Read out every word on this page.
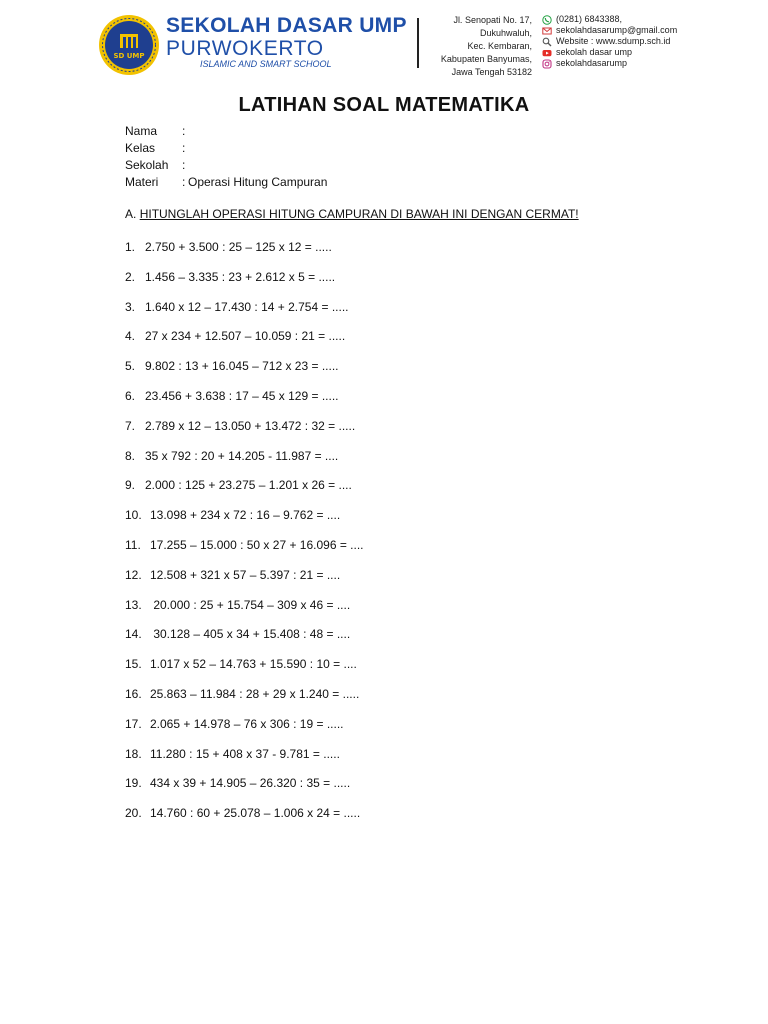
SD UMP
SEKOLAH DASAR UMP
PURWOKERTO
ISLAMIC AND SMART SCHOOL
Jl. Senopati No. 17,
Dukuhwaluh,
Kec. Kembaran,
Kabupaten Banyumas,
Jawa Tengah 53182
(0281) 6843388,
sekolahdasarump@gmail.com
Website : www.sdump.sch.id
sekolah dasar ump
sekolahdasarump
LATIHAN SOAL MATEMATIKA
Nama	:
Kelas	:
Sekolah	:
Materi	: Operasi Hitung Campuran
A. HITUNGLAH OPERASI HITUNG CAMPURAN DI BAWAH INI DENGAN CERMAT!
1. 2.750 + 3.500 : 25 – 125 x 12 = .....
2. 1.456 – 3.335 : 23 + 2.612 x 5 = .....
3. 1.640 x 12 – 17.430 : 14 + 2.754 = .....
4. 27 x 234 + 12.507 – 10.059 : 21 = .....
5. 9.802 : 13 + 16.045 – 712 x 23 = .....
6. 23.456 + 3.638 : 17 – 45 x 129 = .....
7. 2.789 x 12 – 13.050 + 13.472 : 32 = .....
8. 35 x 792 : 20 + 14.205 - 11.987 = ....
9. 2.000 : 125 + 23.275 – 1.201 x 26 = ....
10. 13.098 + 234 x 72 : 16 – 9.762 = ....
11. 17.255 – 15.000 : 50 x 27 + 16.096 = ....
12. 12.508 + 321 x 57 – 5.397 : 21 = ....
13. 20.000 : 25 + 15.754 – 309 x 46 = ....
14. 30.128 – 405 x 34 + 15.408 : 48 = ....
15. 1.017 x 52 – 14.763 + 15.590 : 10 = ....
16. 25.863 – 11.984 : 28 + 29 x 1.240 = .....
17. 2.065 + 14.978 – 76 x 306 : 19 = .....
18. 11.280 : 15 + 408 x 37 - 9.781 = .....
19. 434 x 39 + 14.905 – 26.320 : 35 = .....
20. 14.760 : 60 + 25.078 – 1.006 x 24 = .....
